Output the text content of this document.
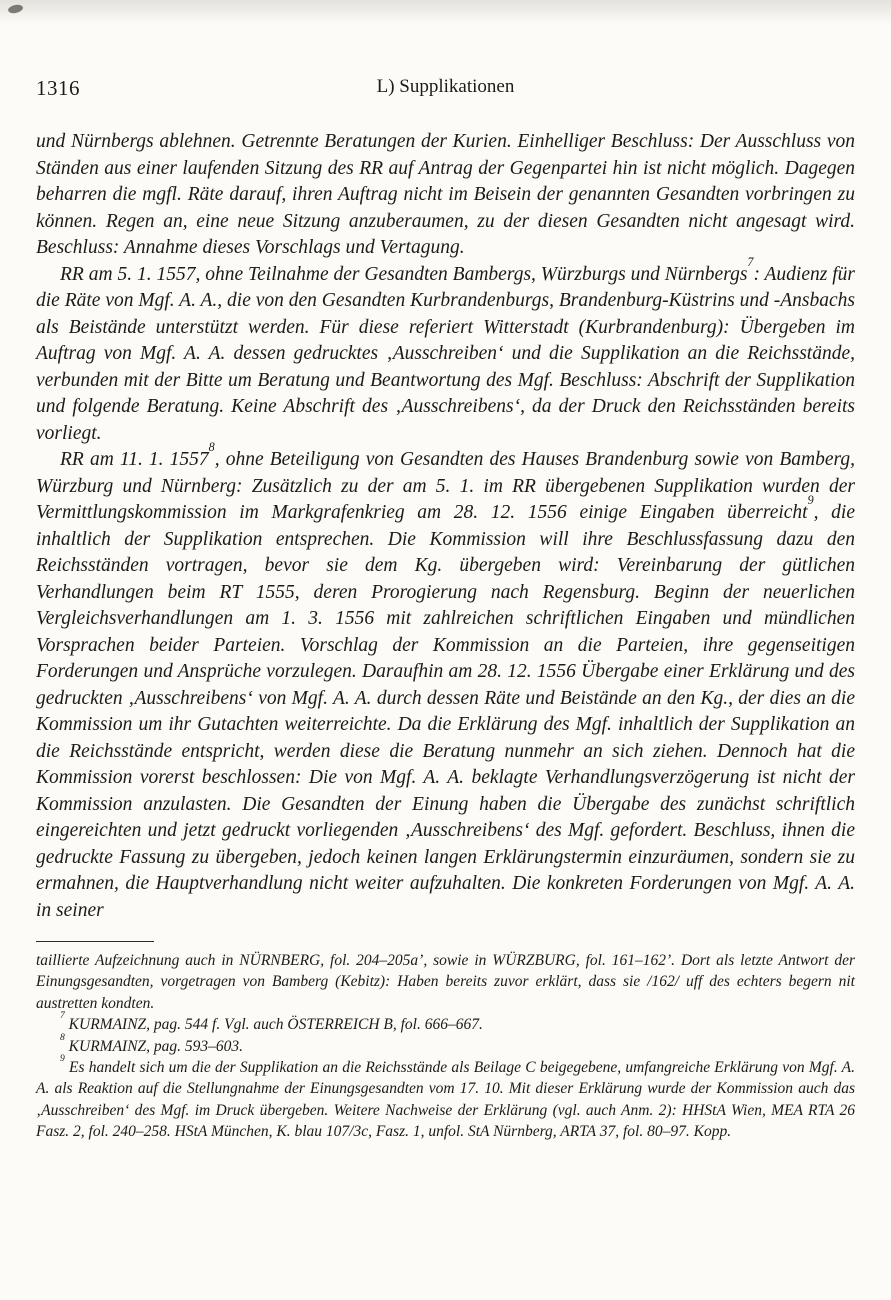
1316	L) Supplikationen

und Nürnbergs ablehnen. Getrennte Beratungen der Kurien. Einhelliger Beschluss: Der Ausschluss von Ständen aus einer laufenden Sitzung des RR auf Antrag der Gegenpartei hin ist nicht möglich. Dagegen beharren die mgfl. Räte darauf, ihren Auftrag nicht im Beisein der genannten Gesandten vorbringen zu können. Regen an, eine neue Sitzung anzuberaumen, zu der diesen Gesandten nicht angesagt wird. Beschluss: Annahme dieses Vorschlags und Vertagung.

RR am 5. 1. 1557, ohne Teilnahme der Gesandten Bambergs, Würzburgs und Nürnbergs$^7$: Audienz für die Räte von Mgf. A. A., die von den Gesandten Kurbrandenburgs, Brandenburg-Küstrins und -Ansbachs als Beistände unterstützt werden. Für diese referiert Witterstadt (Kurbrandenburg): Übergeben im Auftrag von Mgf. A. A. dessen gedrucktes ‚Ausschreiben‘ und die Supplikation an die Reichsstände, verbunden mit der Bitte um Beratung und Beantwortung des Mgf. Beschluss: Abschrift der Supplikation und folgende Beratung. Keine Abschrift des ‚Ausschreibens‘, da der Druck den Reichsständen bereits vorliegt.

RR am 11. 1. 1557$^8$, ohne Beteiligung von Gesandten des Hauses Brandenburg sowie von Bamberg, Würzburg und Nürnberg: Zusätzlich zu der am 5. 1. im RR übergebenen Supplikation wurden der Vermittlungskommission im Markgrafenkrieg am 28. 12. 1556 einige Eingaben überreicht$^9$, die inhaltlich der Supplikation entsprechen. Die Kommission will ihre Beschlussfassung dazu den Reichsständen vortragen, bevor sie dem Kg. übergeben wird: Vereinbarung der gütlichen Verhandlungen beim RT 1555, deren Prorogierung nach Regensburg. Beginn der neuerlichen Vergleichsverhandlungen am 1. 3. 1556 mit zahlreichen schriftlichen Eingaben und mündlichen Vorsprachen beider Parteien. Vorschlag der Kommission an die Parteien, ihre gegenseitigen Forderungen und Ansprüche vorzulegen. Daraufhin am 28. 12. 1556 Übergabe einer Erklärung und des gedruckten ‚Ausschreibens‘ von Mgf. A. A. durch dessen Räte und Beistände an den Kg., der dies an die Kommission um ihr Gutachten weiterreichte. Da die Erklärung des Mgf. inhaltlich der Supplikation an die Reichsstände entspricht, werden diese die Beratung nunmehr an sich ziehen. Dennoch hat die Kommission vorerst beschlossen: Die von Mgf. A. A. beklagte Verhandlungsverzögerung ist nicht der Kommission anzulasten. Die Gesandten der Einung haben die Übergabe des zunächst schriftlich eingereichten und jetzt gedruckt vorliegenden ‚Ausschreibens‘ des Mgf. gefordert. Beschluss, ihnen die gedruckte Fassung zu übergeben, jedoch keinen langen Erklärungstermin einzuräumen, sondern sie zu ermahnen, die Hauptverhandlung nicht weiter aufzuhalten. Die konkreten Forderungen von Mgf. A. A. in seiner

taillierte Aufzeichnung auch in NÜRNBERG, fol. 204–205a’, sowie in WÜRZBURG, fol. 161–162’. Dort als letzte Antwort der Einungsgesandten, vorgetragen von Bamberg (Kebitz): Haben bereits zuvor erklärt, dass sie /162/ uff des echters begern nit austretten kondten.

$^7$ KURMAINZ, pag. 544 f. Vgl. auch ÖSTERREICH B, fol. 666–667.

$^8$ KURMAINZ, pag. 593–603.

$^9$ Es handelt sich um die der Supplikation an die Reichsstände als Beilage C beigegebene, umfangreiche Erklärung von Mgf. A. A. als Reaktion auf die Stellungnahme der Einungsgesandten vom 17. 10. Mit dieser Erklärung wurde der Kommission auch das ‚Ausschreiben‘ des Mgf. im Druck übergeben. Weitere Nachweise der Erklärung (vgl. auch Anm. 2): HHStA Wien, MEA RTA 26 Fasz. 2, fol. 240–258. HStA München, K. blau 107/3c, Fasz. 1, unfol. StA Nürnberg, ARTA 37, fol. 80–97. Kopp.
